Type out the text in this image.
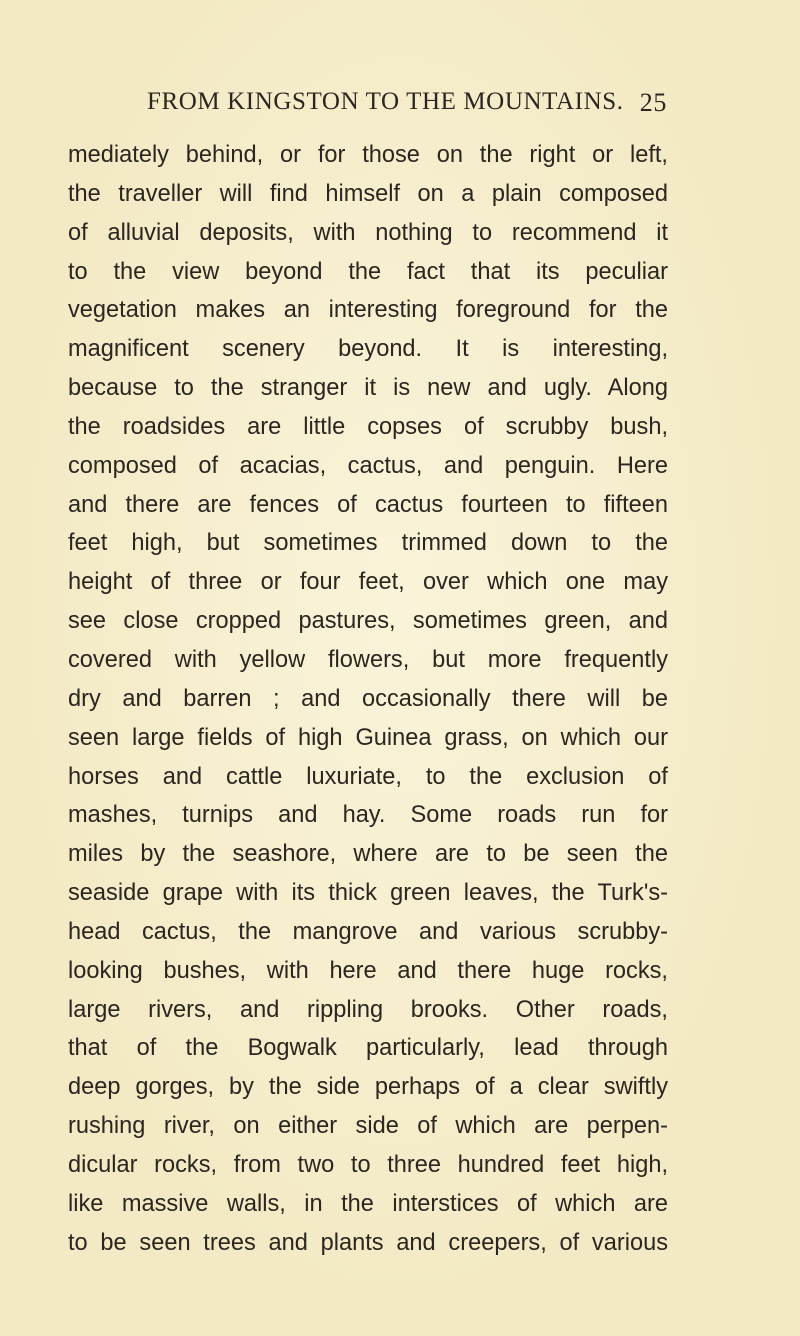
FROM KINGSTON TO THE MOUNTAINS. 25
mediately behind, or for those on the right or left,
the traveller will find himself on a plain composed
of alluvial deposits, with nothing to recommend it
to the view beyond the fact that its peculiar
vegetation makes an interesting foreground for the
magnificent scenery beyond. It is interesting,
because to the stranger it is new and ugly. Along
the roadsides are little copses of scrubby bush,
composed of acacias, cactus, and penguin. Here
and there are fences of cactus fourteen to fifteen
feet high, but sometimes trimmed down to the
height of three or four feet, over which one may
see close cropped pastures, sometimes green, and
covered with yellow flowers, but more frequently
dry and barren ; and occasionally there will be
seen large fields of high Guinea grass, on which our
horses and cattle luxuriate, to the exclusion of
mashes, turnips and hay. Some roads run for
miles by the seashore, where are to be seen the
seaside grape with its thick green leaves, the Turk's-
head cactus, the mangrove and various scrubby-
looking bushes, with here and there huge rocks,
large rivers, and rippling brooks. Other roads,
that of the Bogwalk particularly, lead through
deep gorges, by the side perhaps of a clear swiftly
rushing river, on either side of which are perpen-
dicular rocks, from two to three hundred feet high,
like massive walls, in the interstices of which are
to be seen trees and plants and creepers, of various
